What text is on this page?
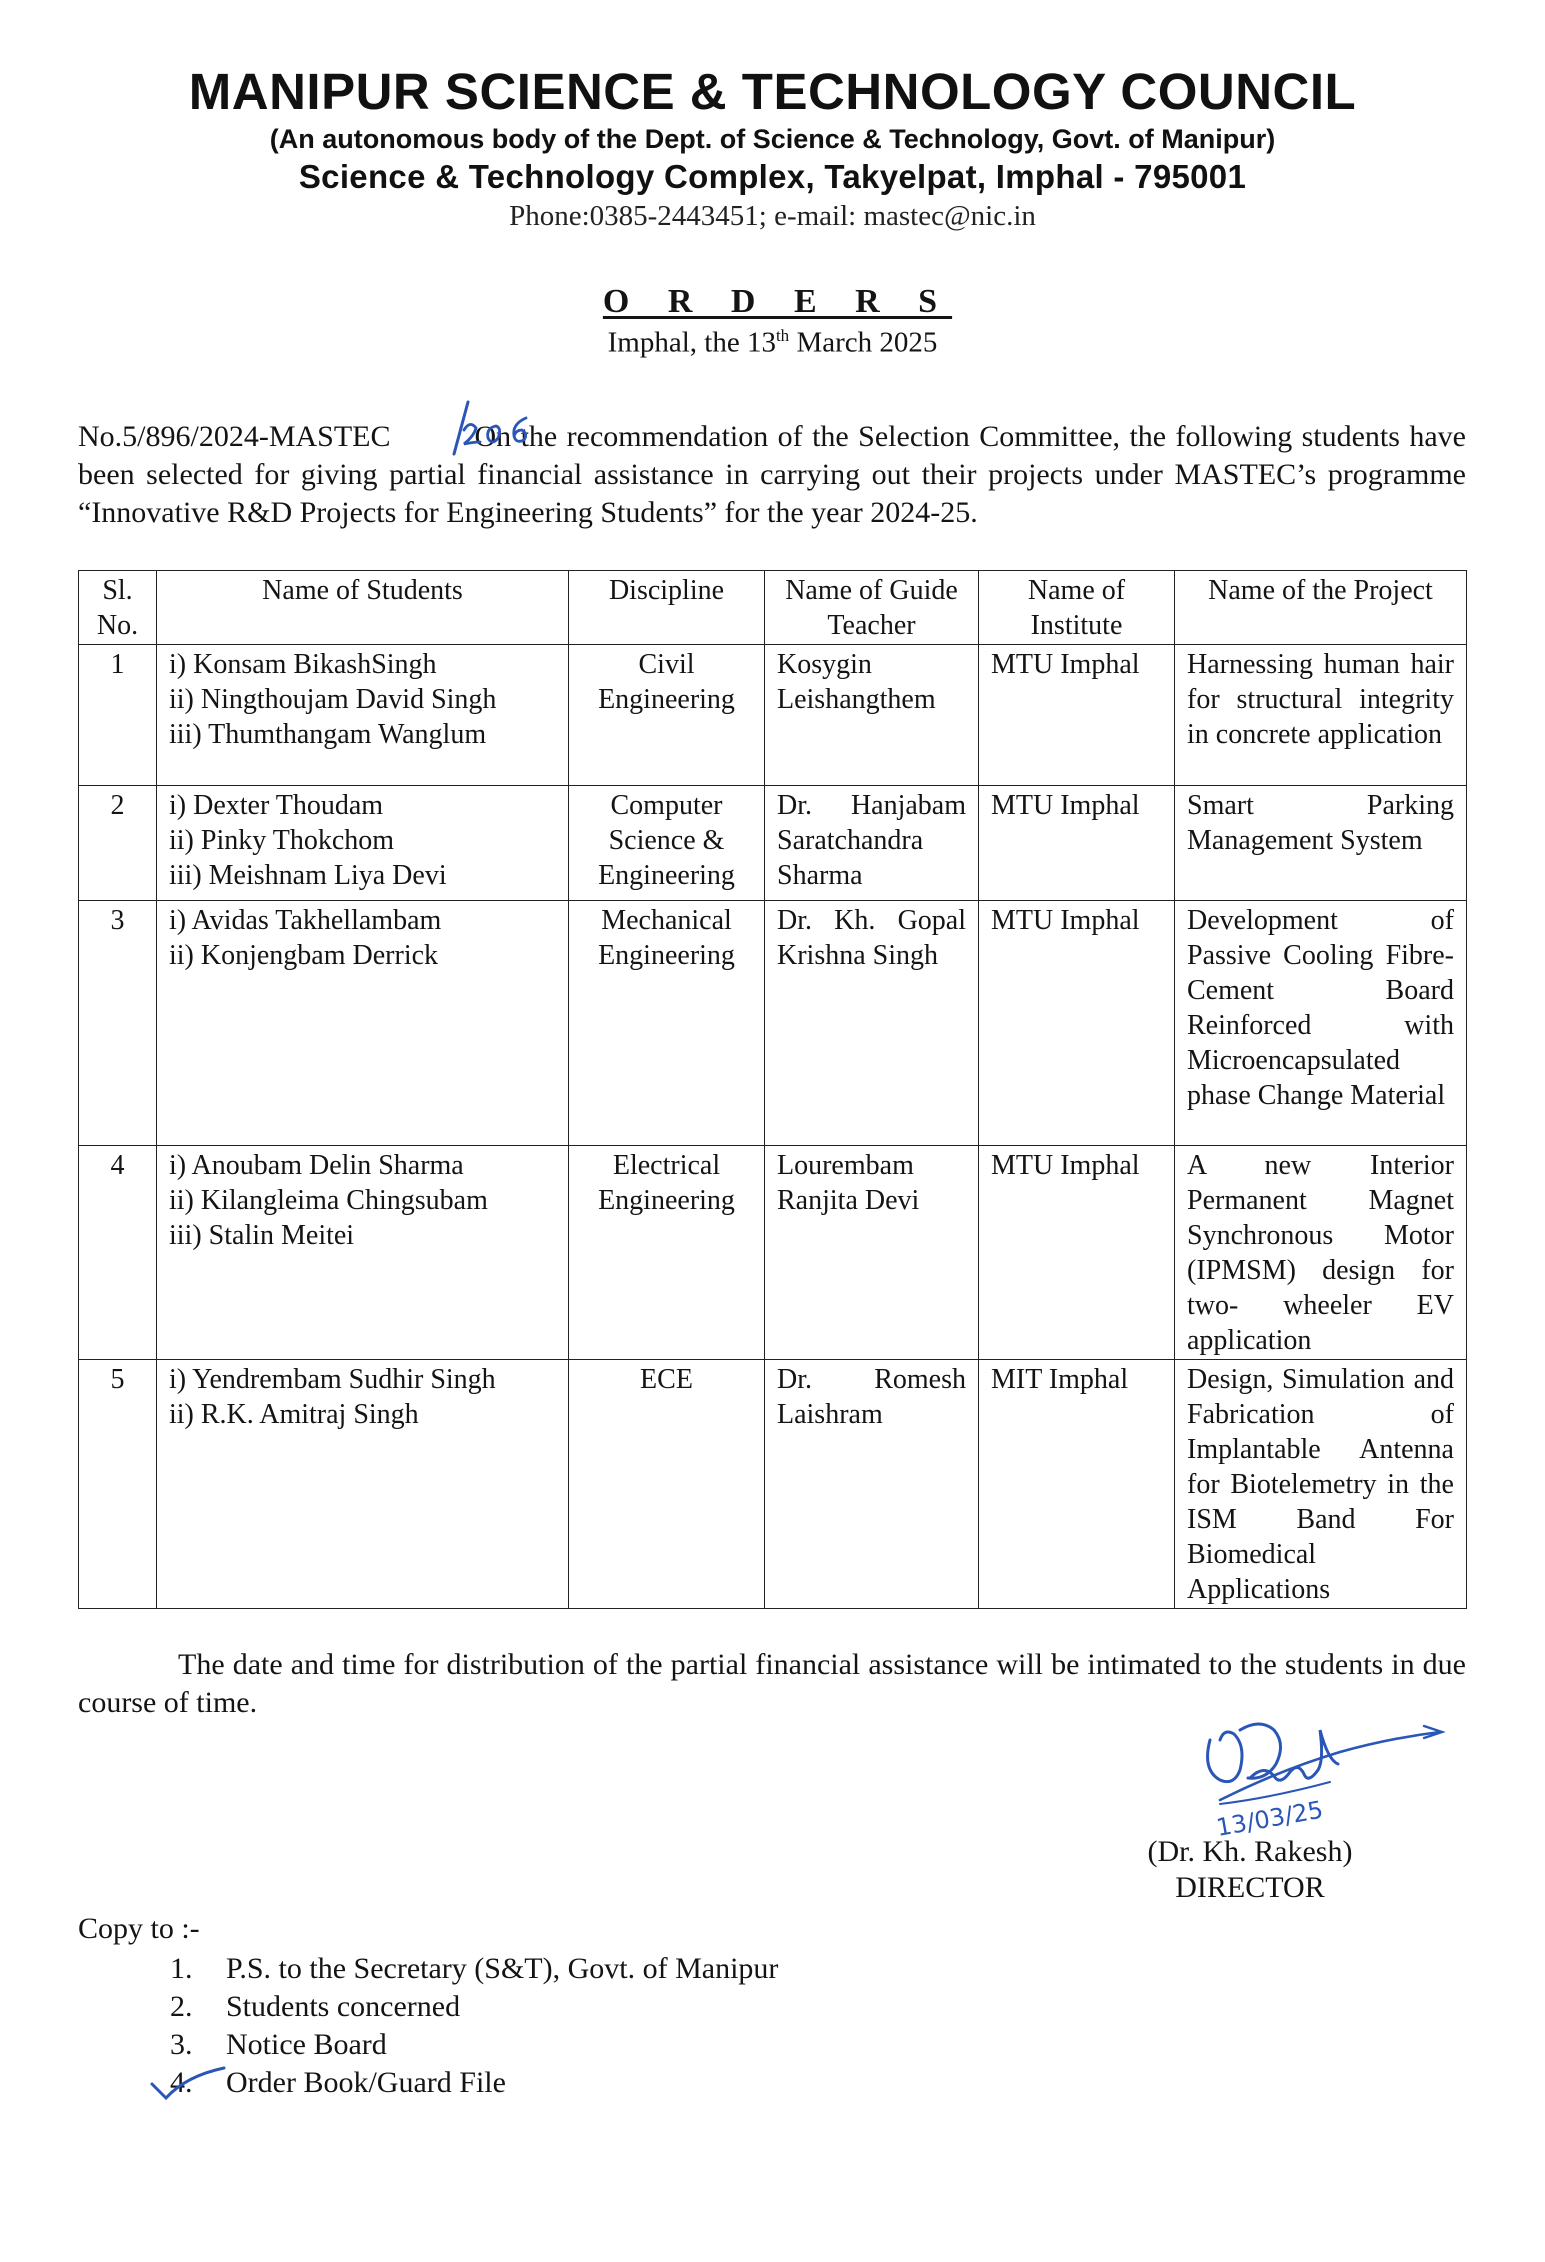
MANIPUR SCIENCE & TECHNOLOGY COUNCIL
(An autonomous body of the Dept. of Science & Technology, Govt. of Manipur)
Science & Technology Complex, Takyelpat, Imphal - 795001
Phone:0385-2443451; e-mail: mastec@nic.in
O R D E R S
Imphal, the 13th March 2025
No.5/896/2024-MASTEC	On the recommendation of the Selection Committee, the following students have been selected for giving partial financial assistance in carrying out their projects under MASTEC’s programme “Innovative R&D Projects for Engineering Students” for the year 2024-25.
Sl. No.	Name of Students	Discipline	Name of Guide Teacher	Name of Institute	Name of the Project
1	i) Konsam BikashSingh
ii) Ningthoujam David Singh
iii) Thumthangam Wanglum	Civil Engineering	Kosygin Leishangthem	MTU Imphal	Harnessing human hair for structural integrity in concrete application
2	i) Dexter Thoudam
ii) Pinky Thokchom
iii) Meishnam Liya Devi	Computer Science & Engineering	Dr. Hanjabam Saratchandra Sharma	MTU Imphal	Smart Parking Management System
3	i) Avidas Takhellambam
ii) Konjengbam Derrick	Mechanical Engineering	Dr. Kh. Gopal Krishna Singh	MTU Imphal	Development of Passive Cooling Fibre-Cement Board Reinforced with Microencapsulated phase Change Material
4	i) Anoubam Delin Sharma
ii) Kilangleima Chingsubam
iii) Stalin Meitei	Electrical Engineering	Lourembam Ranjita Devi	MTU Imphal	A new Interior Permanent Magnet Synchronous Motor (IPMSM) design for two- wheeler EV application
5	i) Yendrembam Sudhir Singh
ii) R.K. Amitraj Singh	ECE	Dr. Romesh Laishram	MIT Imphal	Design, Simulation and Fabrication of Implantable Antenna for Biotelemetry in the ISM Band For Biomedical Applications
The date and time for distribution of the partial financial assistance will be intimated to the students in due course of time.
13/03/25
(Dr. Kh. Rakesh)
DIRECTOR
Copy to :-
1. P.S. to the Secretary (S&T), Govt. of Manipur
2. Students concerned
3. Notice Board
4. Order Book/Guard File
